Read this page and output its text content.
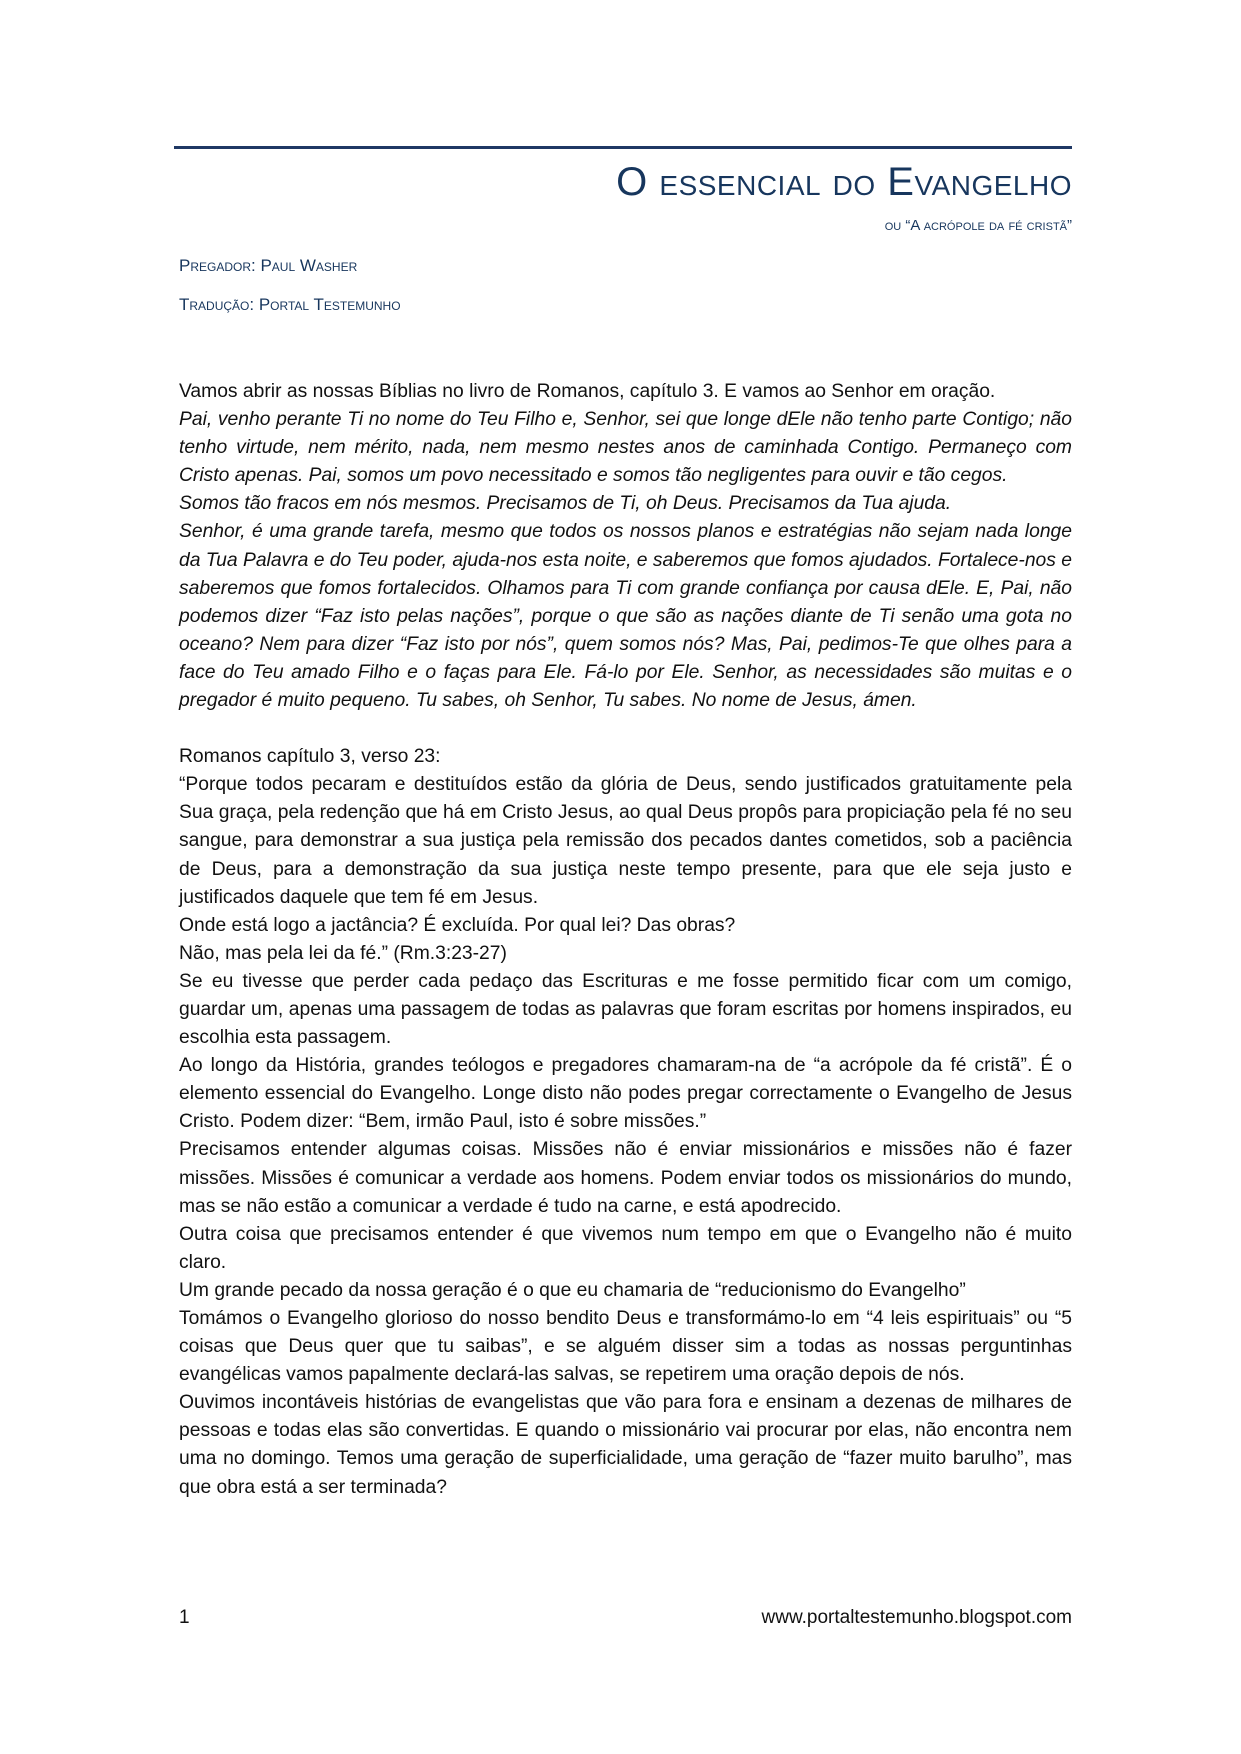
O essencial do Evangelho
ou “A acrópole da fé cristã”
Pregador: Paul Washer
Tradução: Portal Testemunho

Vamos abrir as nossas Bíblias no livro de Romanos, capítulo 3. E vamos ao Senhor em oração.

Pai, venho perante Ti no nome do Teu Filho e, Senhor, sei que longe dEle não tenho parte Contigo; não tenho virtude, nem mérito, nada, nem mesmo nestes anos de caminhada Contigo. Permaneço com Cristo apenas. Pai, somos um povo necessitado e somos tão negligentes para ouvir e tão cegos.

Somos tão fracos em nós mesmos. Precisamos de Ti, oh Deus. Precisamos da Tua ajuda.

Senhor, é uma grande tarefa, mesmo que todos os nossos planos e estratégias não sejam nada longe da Tua Palavra e do Teu poder, ajuda-nos esta noite, e saberemos que fomos ajudados. Fortalece-nos e saberemos que fomos fortalecidos. Olhamos para Ti com grande confiança por causa dEle. E, Pai, não podemos dizer “Faz isto pelas nações”, porque o que são as nações diante de Ti senão uma gota no oceano? Nem para dizer “Faz isto por nós”, quem somos nós? Mas, Pai, pedimos-Te que olhes para a face do Teu amado Filho e o faças para Ele. Fá-lo por Ele. Senhor, as necessidades são muitas e o pregador é muito pequeno. Tu sabes, oh Senhor, Tu sabes. No nome de Jesus, ámen.

Romanos capítulo 3, verso 23:

“Porque todos pecaram e destituídos estão da glória de Deus, sendo justificados gratuitamente pela Sua graça, pela redenção que há em Cristo Jesus, ao qual Deus propôs para propiciação pela fé no seu sangue, para demonstrar a sua justiça pela remissão dos pecados dantes cometidos, sob a paciência de Deus, para a demonstração da sua justiça neste tempo presente, para que ele seja justo e justificados daquele que tem fé em Jesus.

Onde está logo a jactância? É excluída. Por qual lei? Das obras?

Não, mas pela lei da fé.” (Rm.3:23-27)

Se eu tivesse que perder cada pedaço das Escrituras e me fosse permitido ficar com um comigo, guardar um, apenas uma passagem de todas as palavras que foram escritas por homens inspirados, eu escolhia esta passagem.

Ao longo da História, grandes teólogos e pregadores chamaram-na de “a acrópole da fé cristã”. É o elemento essencial do Evangelho. Longe disto não podes pregar correctamente o Evangelho de Jesus Cristo. Podem dizer: “Bem, irmão Paul, isto é sobre missões.”

Precisamos entender algumas coisas. Missões não é enviar missionários e missões não é fazer missões. Missões é comunicar a verdade aos homens. Podem enviar todos os missionários do mundo, mas se não estão a comunicar a verdade é tudo na carne, e está apodrecido.

Outra coisa que precisamos entender é que vivemos num tempo em que o Evangelho não é muito claro.

Um grande pecado da nossa geração é o que eu chamaria de “reducionismo do Evangelho”

Tomámos o Evangelho glorioso do nosso bendito Deus e transformámo-lo em “4 leis espirituais” ou “5 coisas que Deus quer que tu saibas”, e se alguém disser sim a todas as nossas perguntinhas evangélicas vamos papalmente declará-las salvas, se repetirem uma oração depois de nós.

Ouvimos incontáveis histórias de evangelistas que vão para fora e ensinam a dezenas de milhares de pessoas e todas elas são convertidas. E quando o missionário vai procurar por elas, não encontra nem uma no domingo. Temos uma geração de superficialidade, uma geração de “fazer muito barulho”, mas que obra está a ser terminada?

1	www.portaltestemunho.blogspot.com
